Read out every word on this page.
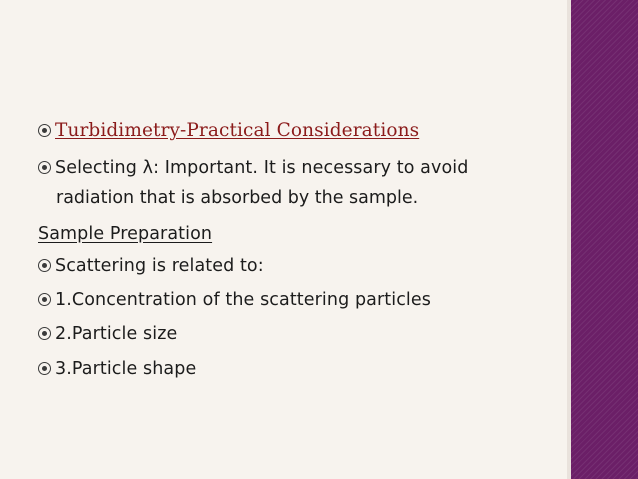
Turbidimetry-Practical Considerations
Selecting λ: Important. It is necessary to avoid
radiation that is absorbed by the sample.
Sample Preparation
Scattering is related to:
1.Concentration of the scattering particles
2.Particle size
3.Particle shape
